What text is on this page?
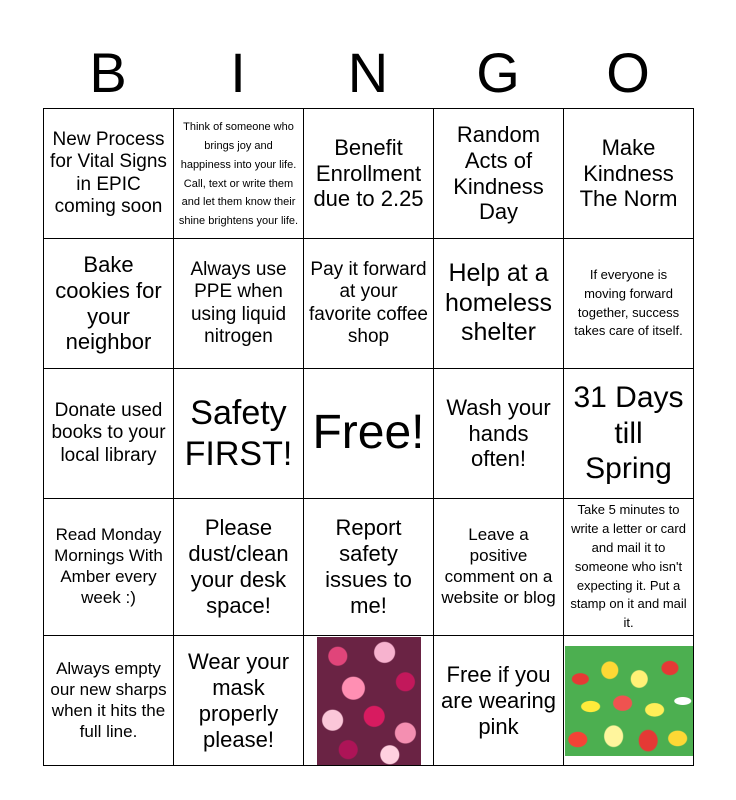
B	I	N	G	O
New Process for Vital Signs in EPIC coming soon	Think of someone who brings joy and happiness into your life. Call, text or write them and let them know their shine brightens your life.	Benefit Enrollment due to 2.25	Random Acts of Kindness Day	Make Kindness The Norm
Bake cookies for your neighbor	Always use PPE when using liquid nitrogen	Pay it forward at your favorite coffee shop	Help at a homeless shelter	If everyone is moving forward together, success takes care of itself.
Donate used books to your local library	Safety FIRST!	Free!	Wash your hands often!	31 Days till Spring
Read Monday Mornings With Amber every week :)	Please dust/clean your desk space!	Report safety issues to me!	Leave a positive comment on a website or blog	Take 5 minutes to write a letter or card and mail it to someone who isn't expecting it. Put a stamp on it and mail it.
Always empty our new sharps when it hits the full line.	Wear your mask properly please!		Free if you are wearing pink	
